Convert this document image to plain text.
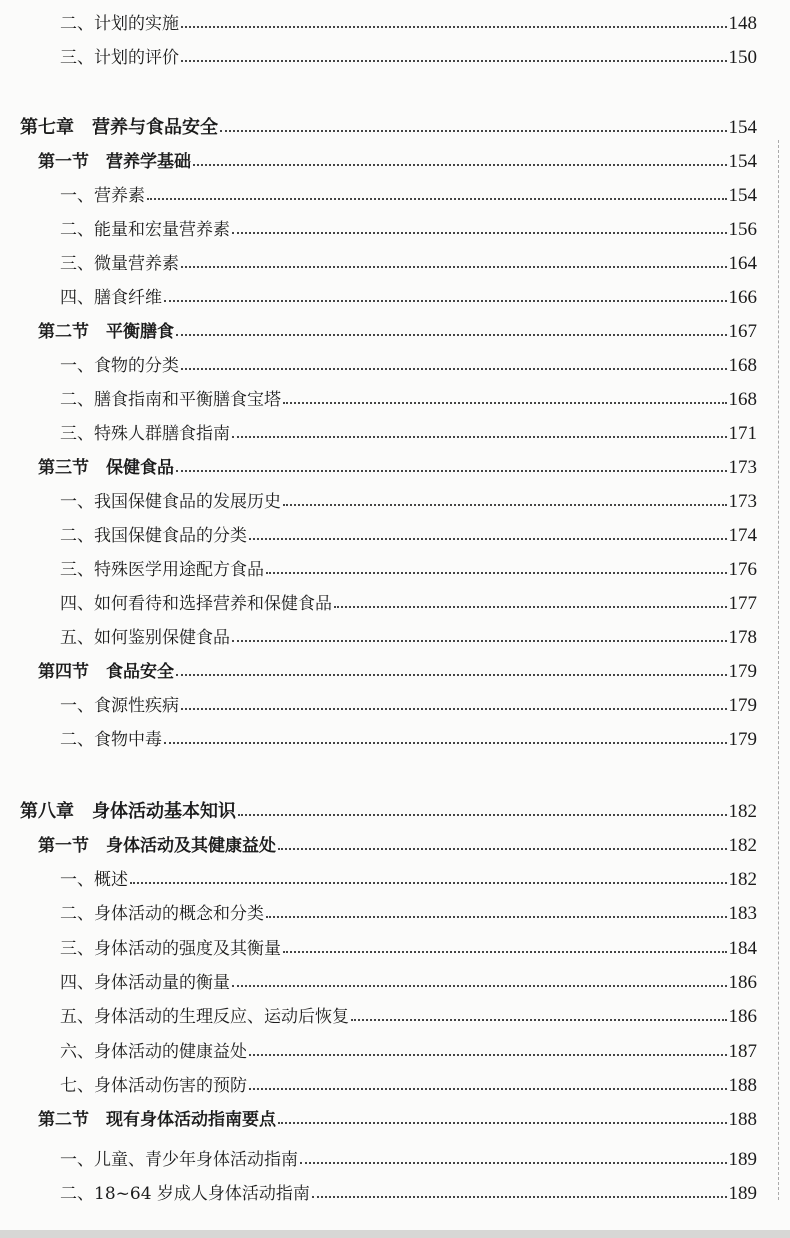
二、计划的实施	148
三、计划的评价	150
第七章　营养与食品安全	154
第一节　营养学基础	154
一、营养素	154
二、能量和宏量营养素	156
三、微量营养素	164
四、膳食纤维	166
第二节　平衡膳食	167
一、食物的分类	168
二、膳食指南和平衡膳食宝塔	168
三、特殊人群膳食指南	171
第三节　保健食品	173
一、我国保健食品的发展历史	173
二、我国保健食品的分类	174
三、特殊医学用途配方食品	176
四、如何看待和选择营养和保健食品	177
五、如何鉴别保健食品	178
第四节　食品安全	179
一、食源性疾病	179
二、食物中毒	179
第八章　身体活动基本知识	182
第一节　身体活动及其健康益处	182
一、概述	182
二、身体活动的概念和分类	183
三、身体活动的强度及其衡量	184
四、身体活动量的衡量	186
五、身体活动的生理反应、运动后恢复	186
六、身体活动的健康益处	187
七、身体活动伤害的预防	188
第二节　现有身体活动指南要点	188
一、儿童、青少年身体活动指南	189
二、18~64 岁成人身体活动指南	189
